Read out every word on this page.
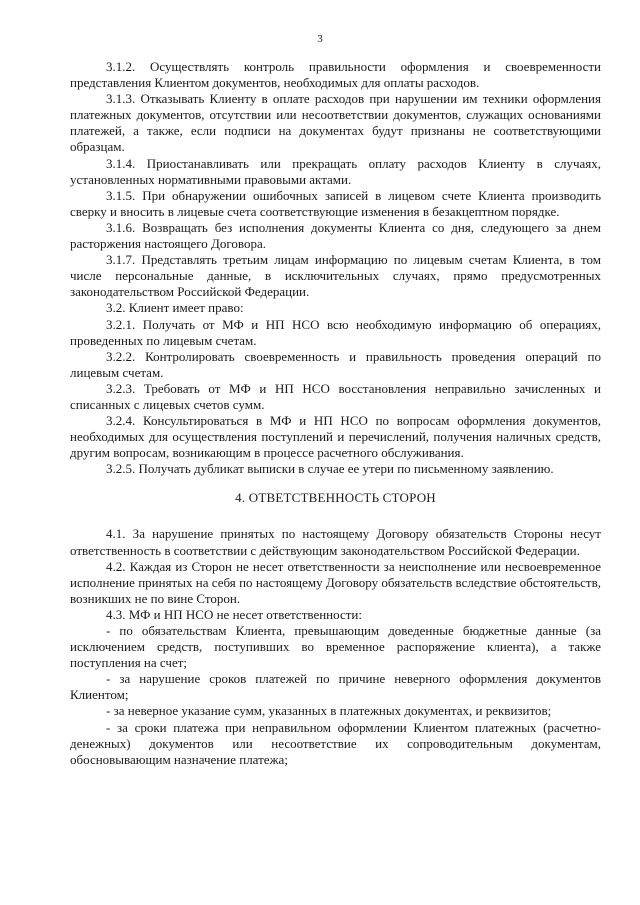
3

3.1.2. Осуществлять контроль правильности оформления и своевременности представления Клиентом документов, необходимых для оплаты расходов.

3.1.3. Отказывать Клиенту в оплате расходов при нарушении им техники оформления платежных документов, отсутствии или несоответствии документов, служащих основаниями платежей, а также, если подписи на документах будут признаны не соответствующими образцам.

3.1.4. Приостанавливать или прекращать оплату расходов Клиенту в случаях, установленных нормативными правовыми актами.

3.1.5. При обнаружении ошибочных записей в лицевом счете Клиента производить сверку и вносить в лицевые счета соответствующие изменения в безакцептном порядке.

3.1.6. Возвращать без исполнения документы Клиента со дня, следующего за днем расторжения настоящего Договора.

3.1.7. Представлять третьим лицам информацию по лицевым счетам Клиента, в том числе персональные данные, в исключительных случаях, прямо предусмотренных законодательством Российской Федерации.

3.2. Клиент имеет право:

3.2.1. Получать от МФ и НП НСО всю необходимую информацию об операциях, проведенных по лицевым счетам.

3.2.2. Контролировать своевременность и правильность проведения операций по лицевым счетам.

3.2.3. Требовать от МФ и НП НСО восстановления неправильно зачисленных и списанных с лицевых счетов сумм.

3.2.4. Консультироваться в МФ и НП НСО по вопросам оформления документов, необходимых для осуществления поступлений и перечислений, получения наличных средств, другим вопросам, возникающим в процессе расчетного обслуживания.

3.2.5. Получать дубликат выписки в случае ее утери по письменному заявлению.

4. ОТВЕТСТВЕННОСТЬ СТОРОН

4.1. За нарушение принятых по настоящему Договору обязательств Стороны несут ответственность в соответствии с действующим законодательством Российской Федерации.

4.2. Каждая из Сторон не несет ответственности за неисполнение или несвоевременное исполнение принятых на себя по настоящему Договору обязательств вследствие обстоятельств, возникших не по вине Сторон.

4.3. МФ и НП НСО не несет ответственности:

- по обязательствам Клиента, превышающим доведенные бюджетные данные (за исключением средств, поступивших во временное распоряжение клиента), а также поступления на счет;

- за нарушение сроков платежей по причине неверного оформления документов Клиентом;

- за неверное указание сумм, указанных в платежных документах, и реквизитов;

- за сроки платежа при неправильном оформлении Клиентом платежных (расчетно-денежных) документов или несоответствие их сопроводительным документам, обосновывающим назначение платежа;
